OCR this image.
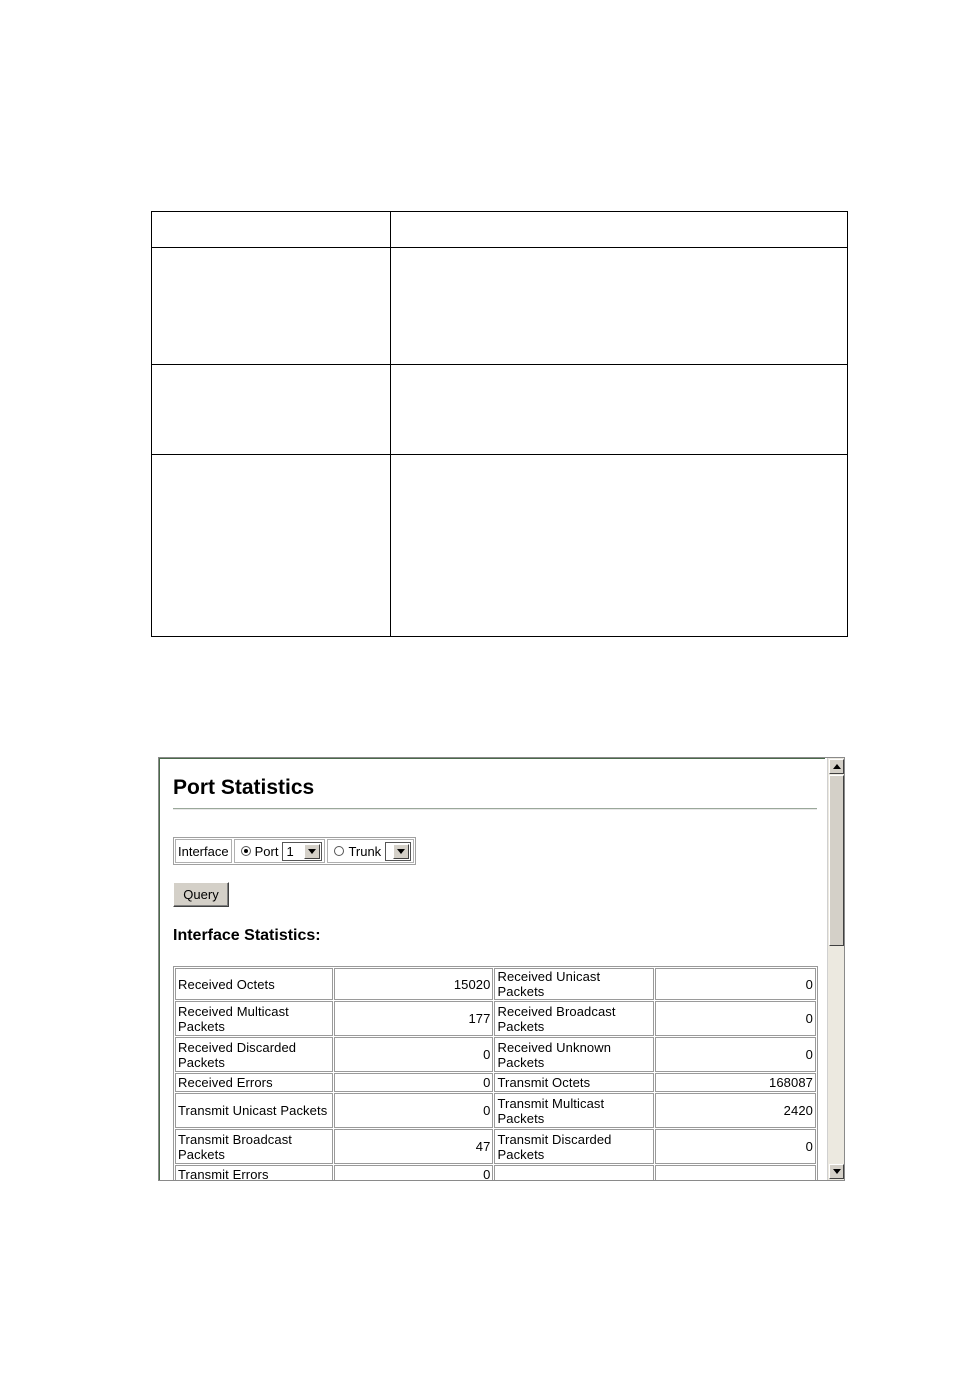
Port Statistics
Interface Port 1	Trunk
Query
Interface Statistics:
Received Octets	15020	Received Unicast Packets	0
Received Multicast Packets	177	Received Broadcast Packets	0
Received Discarded Packets	0	Received Unknown Packets	0
Received Errors	0	Transmit Octets	168087
Transmit Unicast Packets	0	Transmit Multicast Packets	2420
Transmit Broadcast Packets	47	Transmit Discarded Packets	0
Transmit Errors	0		
